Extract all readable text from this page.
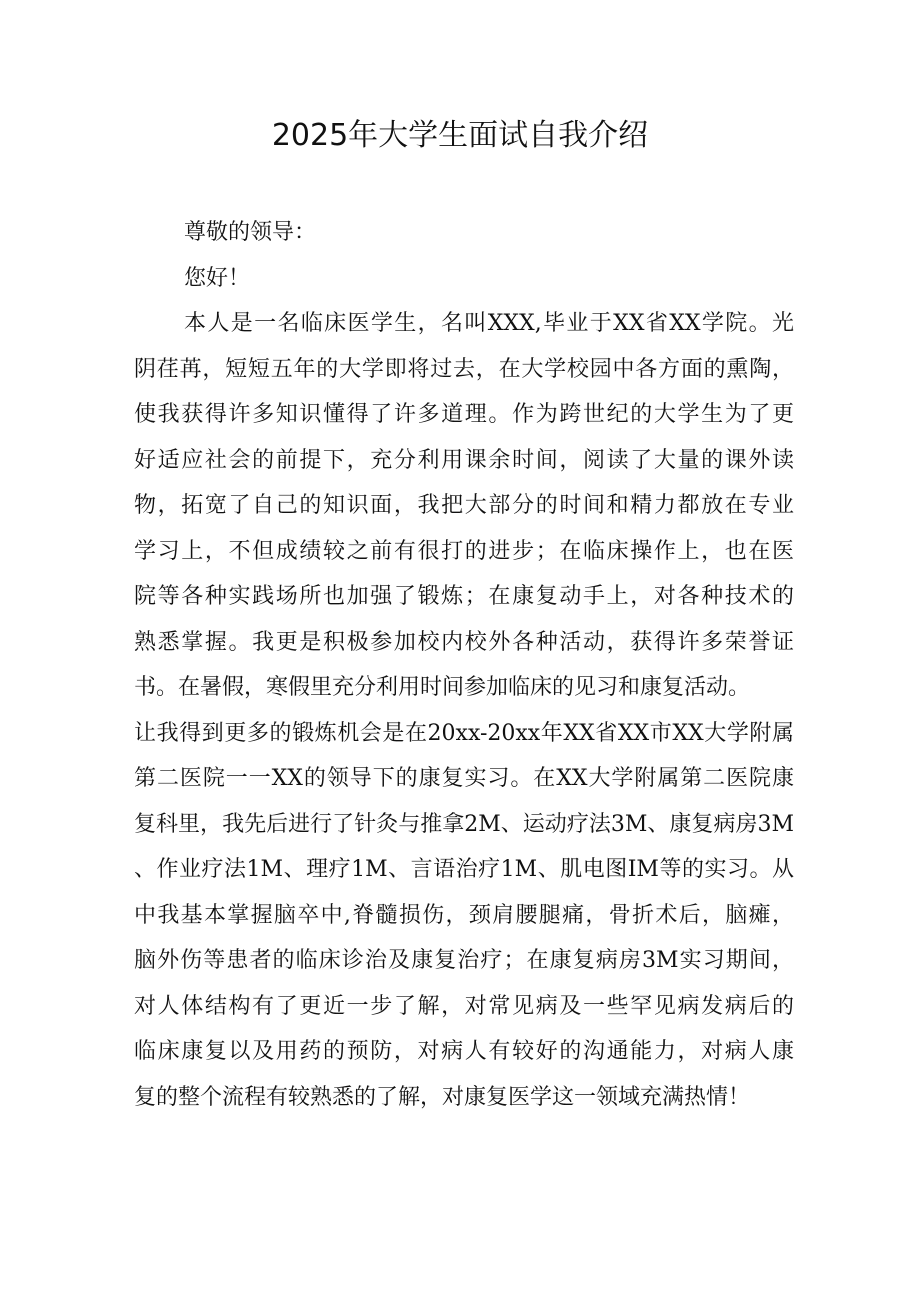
2025年大学生面试自我介绍
尊敬的领导：
您好！
本人是一名临床医学生，名叫XXX,毕业于XX省XX学院。光
阴荏苒，短短五年的大学即将过去，在大学校园中各方面的熏陶，
使我获得许多知识懂得了许多道理。作为跨世纪的大学生为了更
好适应社会的前提下，充分利用课余时间，阅读了大量的课外读
物，拓宽了自己的知识面，我把大部分的时间和精力都放在专业
学习上，不但成绩较之前有很打的进步；在临床操作上，也在医
院等各种实践场所也加强了锻炼；在康复动手上，对各种技术的
熟悉掌握。我更是积极参加校内校外各种活动，获得许多荣誉证
书。在暑假，寒假里充分利用时间参加临床的见习和康复活动。
让我得到更多的锻炼机会是在20xx-20xx年XX省XX市XX大学附属
第二医院一一XX的领导下的康复实习。在XX大学附属第二医院康
复科里，我先后进行了针灸与推拿2M、运动疗法3M、康复病房3M
、作业疗法1M、理疗1M、言语治疗1M、肌电图IM等的实习。从
中我基本掌握脑卒中,脊髓损伤，颈肩腰腿痛，骨折术后，脑瘫，
脑外伤等患者的临床诊治及康复治疗；在康复病房3M实习期间，
对人体结构有了更近一步了解，对常见病及一些罕见病发病后的
临床康复以及用药的预防，对病人有较好的沟通能力，对病人康
复的整个流程有较熟悉的了解，对康复医学这一领域充满热情！
